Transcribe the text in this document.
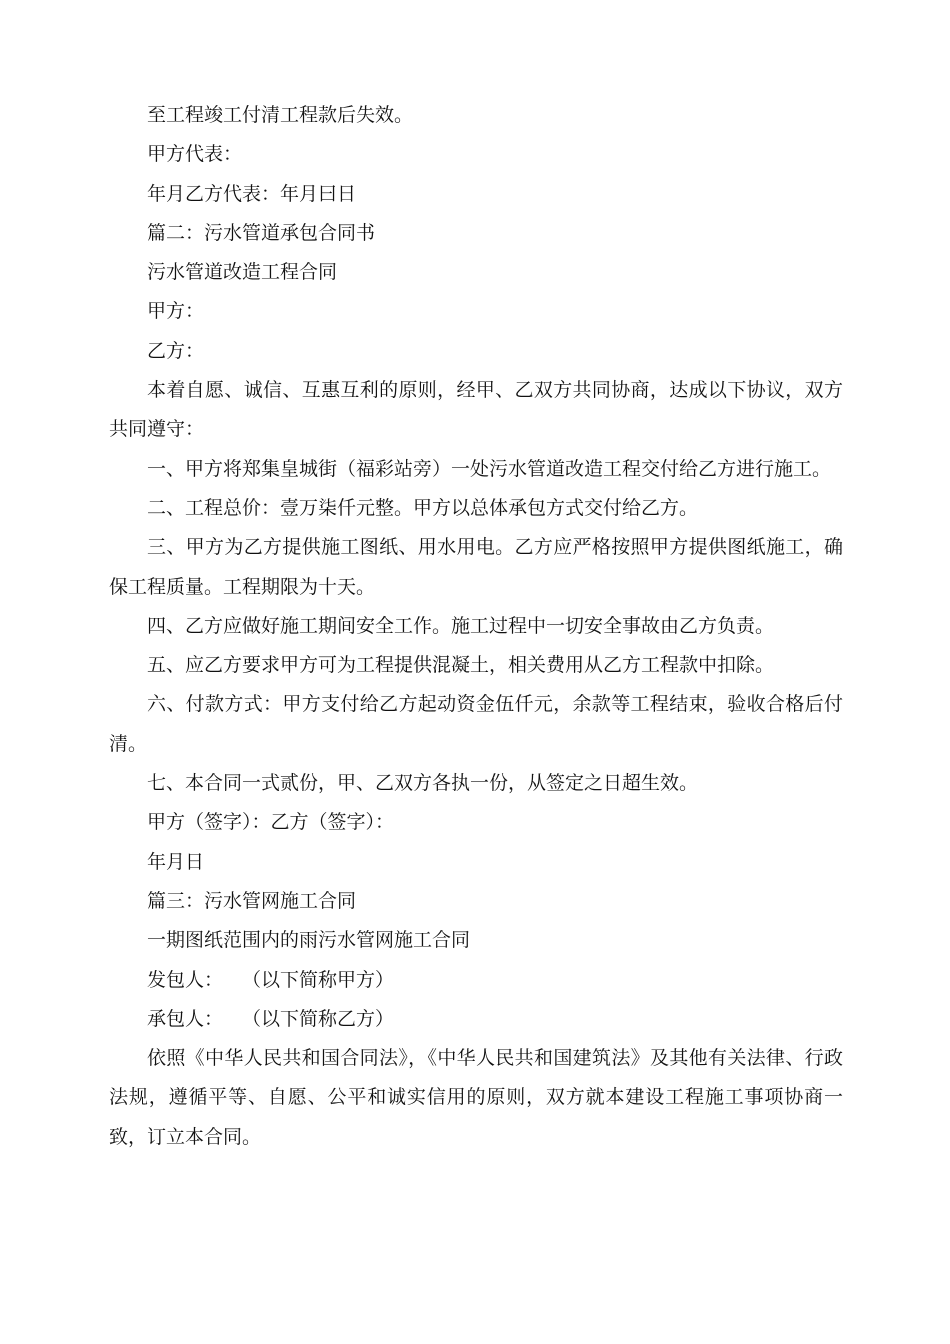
至工程竣工付清工程款后失效。

甲方代表：

年月乙方代表：年月曰日

篇二：污水管道承包合同书

污水管道改造工程合同

甲方：

乙方：

本着自愿、诚信、互惠互利的原则，经甲、乙双方共同协商，达成以下协议，双方共同遵守：

一、甲方将郑集皇城街（福彩站旁）一处污水管道改造工程交付给乙方进行施工。

二、工程总价：壹万柒仟元整。甲方以总体承包方式交付给乙方。

三、甲方为乙方提供施工图纸、用水用电。乙方应严格按照甲方提供图纸施工，确保工程质量。工程期限为十天。

四、乙方应做好施工期间安全工作。施工过程中一切安全事故由乙方负责。

五、应乙方要求甲方可为工程提供混凝土，相关费用从乙方工程款中扣除。

六、付款方式：甲方支付给乙方起动资金伍仟元，余款等工程结束，验收合格后付清。

七、本合同一式贰份，甲、乙双方各执一份，从签定之日超生效。

甲方（签字）：乙方（签字）：

年月日

篇三：污水管网施工合同

一期图纸范围内的雨污水管网施工合同

发包人：　　（以下简称甲方）

承包人：　　（以下简称乙方）

依照《中华人民共和国合同法》，《中华人民共和国建筑法》及其他有关法律、行政法规，遵循平等、自愿、公平和诚实信用的原则，双方就本建设工程施工事项协商一致，订立本合同。
